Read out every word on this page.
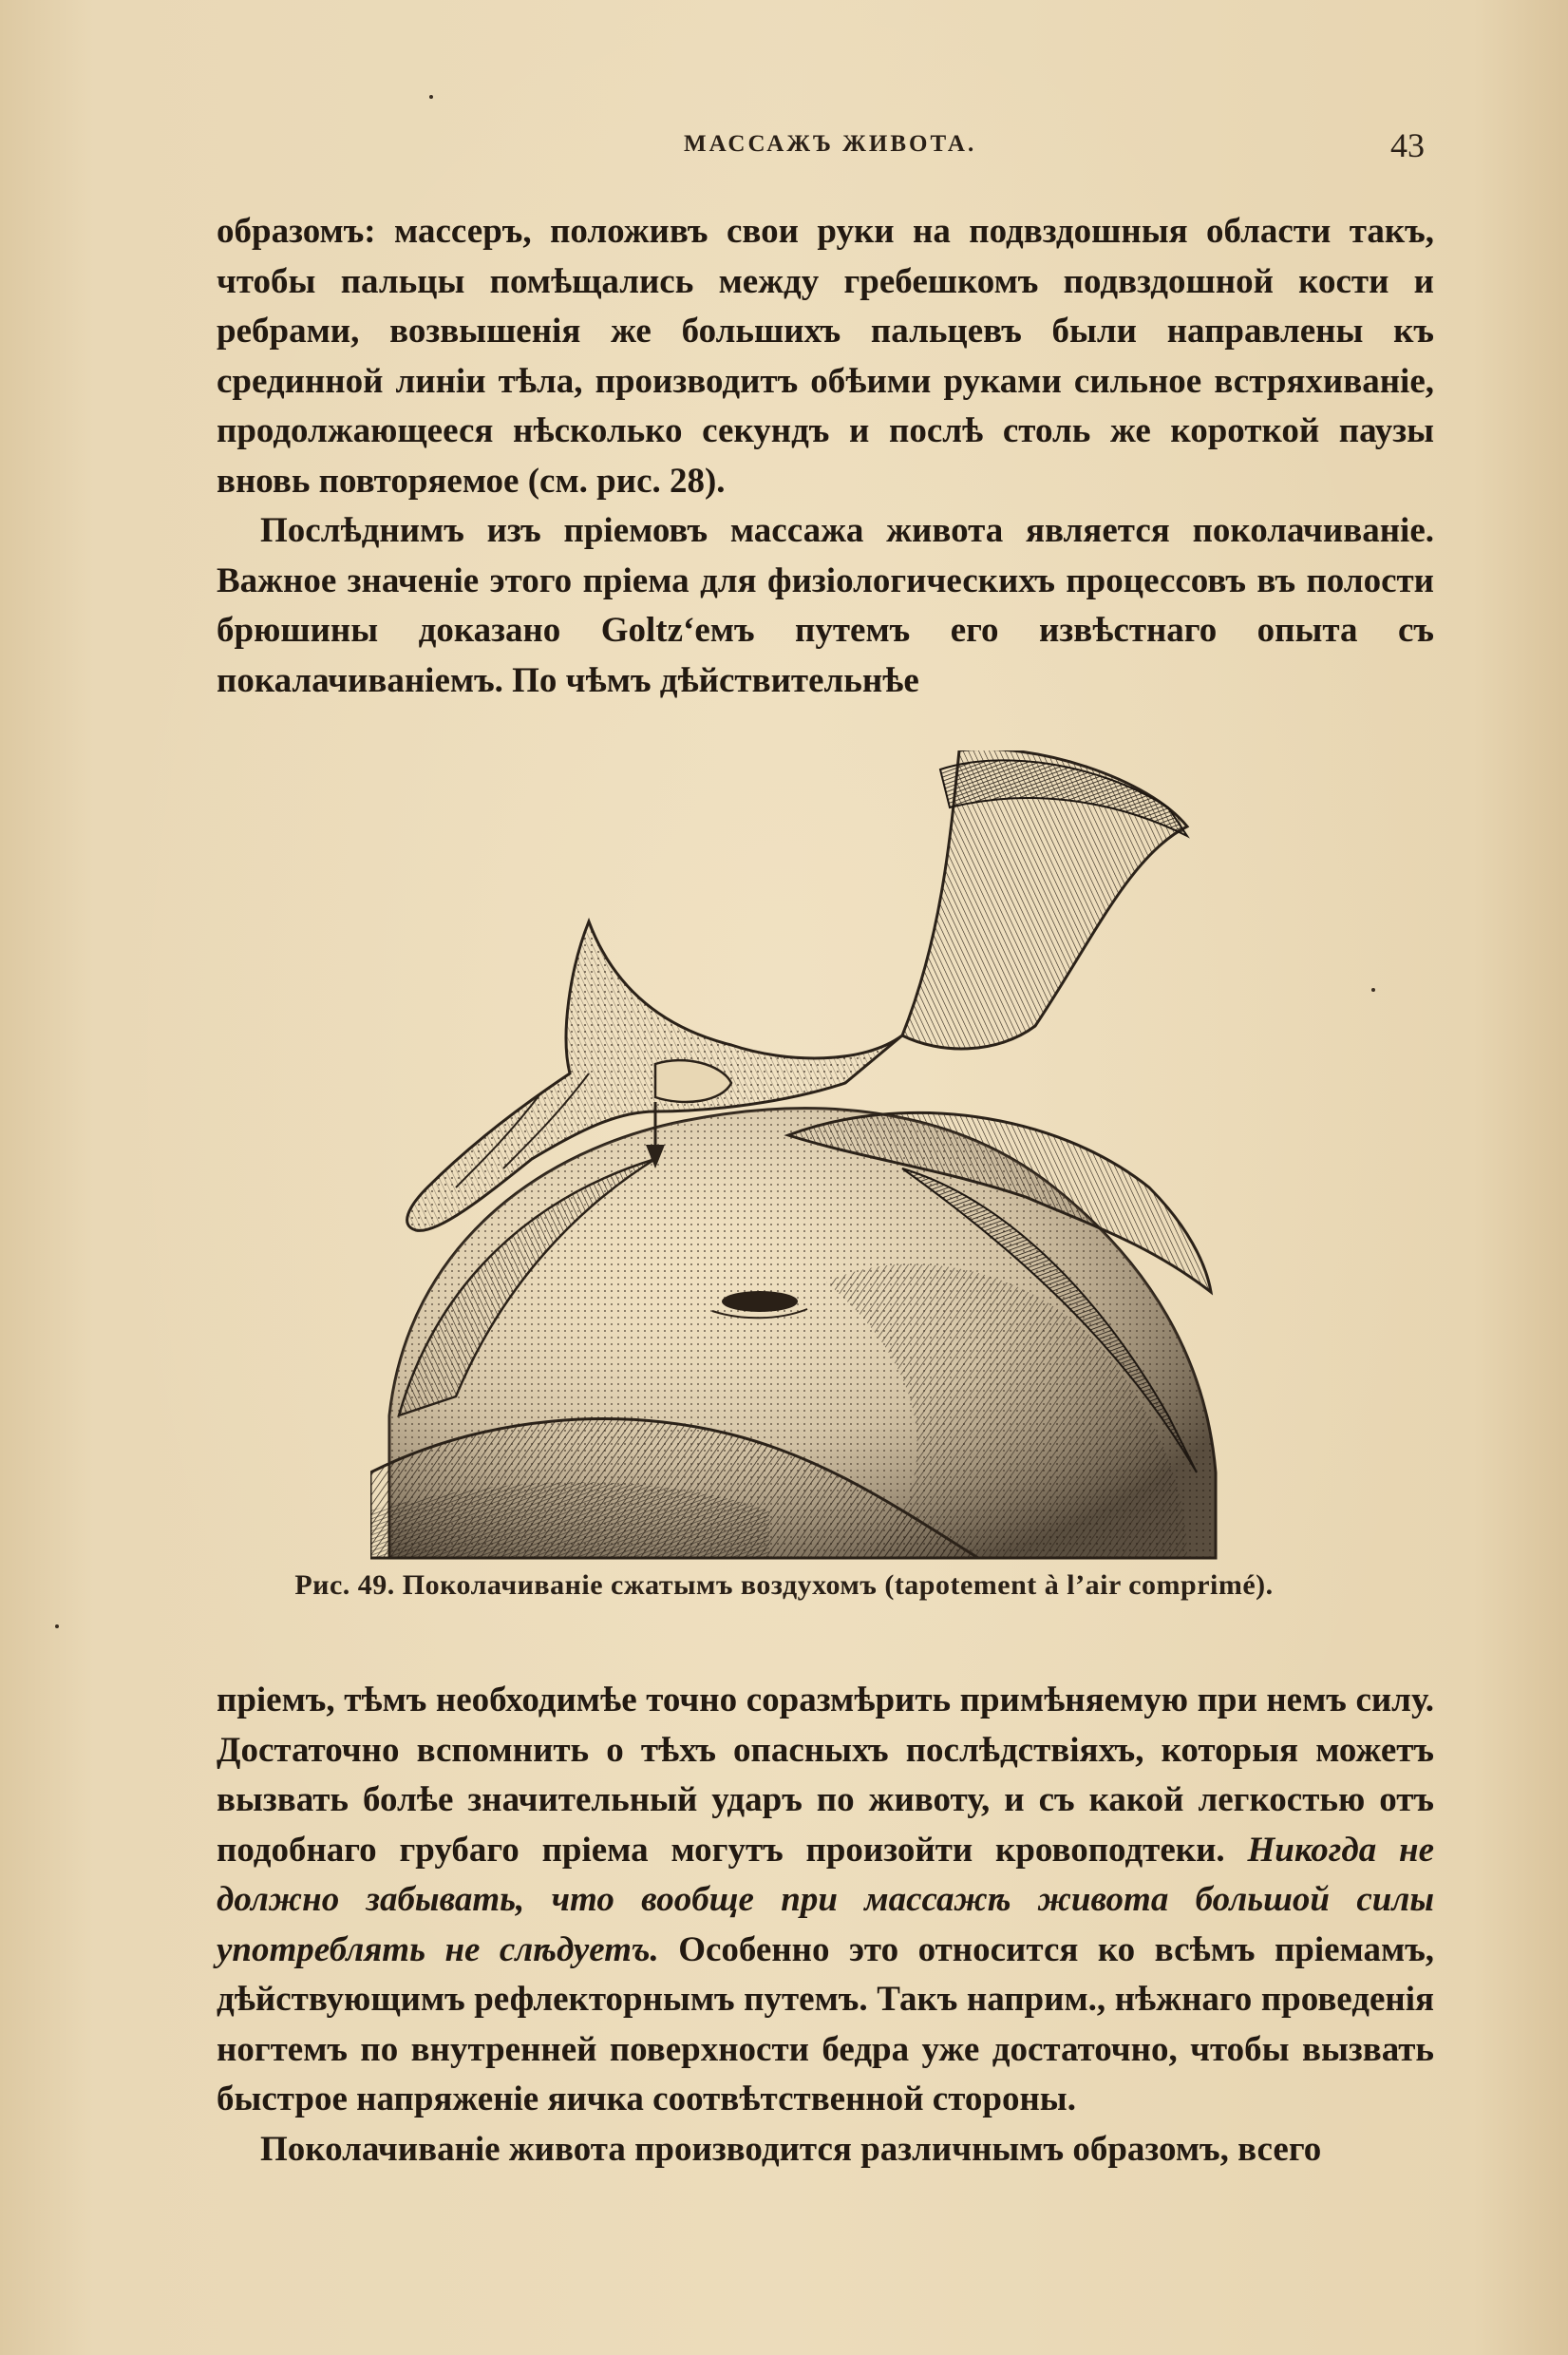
МАССАЖЪ ЖИВОТА.	43

образомъ: массеръ, положивъ свои руки на подвздошныя области такъ, чтобы пальцы помѣщались между гребешкомъ подвздошной кости и ребрами, возвышенія же большихъ пальцевъ были направлены къ срединной линіи тѣла, производитъ обѣими руками сильное встряхиваніе, продолжающееся нѣсколько секундъ и послѣ столь же короткой паузы вновь повторяемое (см. рис. 28).

Послѣднимъ изъ пріемовъ массажа живота является поколачиваніе. Важное значеніе этого пріема для физіологическихъ процессовъ въ полости брюшины доказано Goltz‘емъ путемъ его извѣстнаго опыта съ покалачиваніемъ. По чѣмъ дѣйствительнѣе

Рис. 49. Поколачиваніе сжатымъ воздухомъ (tapotement à l’air comprimé).

пріемъ, тѣмъ необходимѣе точно соразмѣрить примѣняемую при немъ силу. Достаточно вспомнить о тѣхъ опасныхъ послѣдствіяхъ, которыя можетъ вызвать болѣе значительный ударъ по животу, и съ какой легкостью отъ подобнаго грубаго пріема могутъ произойти кровоподтеки. Никогда не должно забывать, что вообще при массажѣ живота большой силы употреблять не слѣдуетъ. Особенно это относится ко всѣмъ пріемамъ, дѣйствующимъ рефлекторнымъ путемъ. Такъ наприм., нѣжнаго проведенія ногтемъ по внутренней поверхности бедра уже достаточно, чтобы вызвать быстрое напряженіе яичка соотвѣтственной стороны.

Поколачиваніе живота производится различнымъ образомъ, всего
